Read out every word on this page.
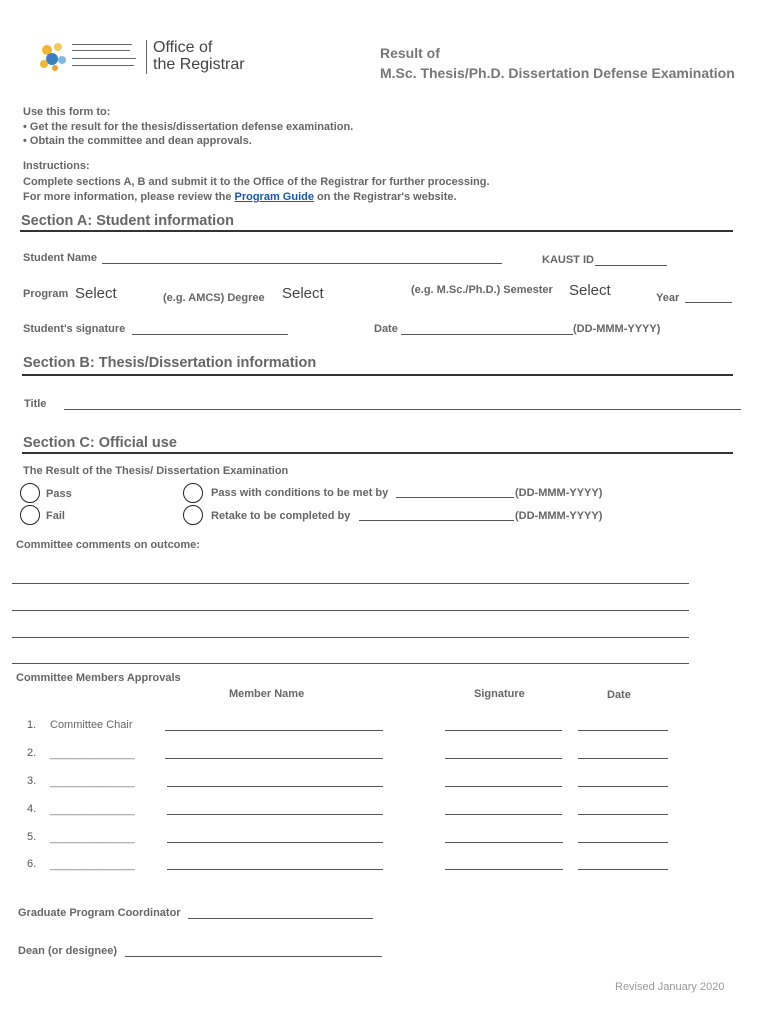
Office of
the Registrar
Result of
M.Sc. Thesis/Ph.D. Dissertation Defense Examination
Use this form to:
• Get the result for the thesis/dissertation defense examination.
• Obtain the committee and dean approvals.
Instructions:
Complete sections A, B and submit it to the Office of the Registrar for further processing.
For more information, please review the Program Guide on the Registrar's website.
Section A: Student information
Student Name	KAUST ID
Program Select	(e.g. AMCS) Degree Select	(e.g. M.Sc./Ph.D.) Semester Select	Year
Student's signature	Date	(DD-MMM-YYYY)
Section B: Thesis/Dissertation information
Title
Section C: Official use
The Result of the Thesis/ Dissertation Examination
Pass
Fail
Pass with conditions to be met by	(DD-MMM-YYYY)
Retake to be completed by	(DD-MMM-YYYY)
Committee comments on outcome:
Committee Members Approvals
Member Name	Signature	Date
1. Committee Chair
2. _______________
3. _______________
4. _______________
5. _______________
6. _______________
Graduate Program Coordinator
Dean (or designee)
Revised January 2020
